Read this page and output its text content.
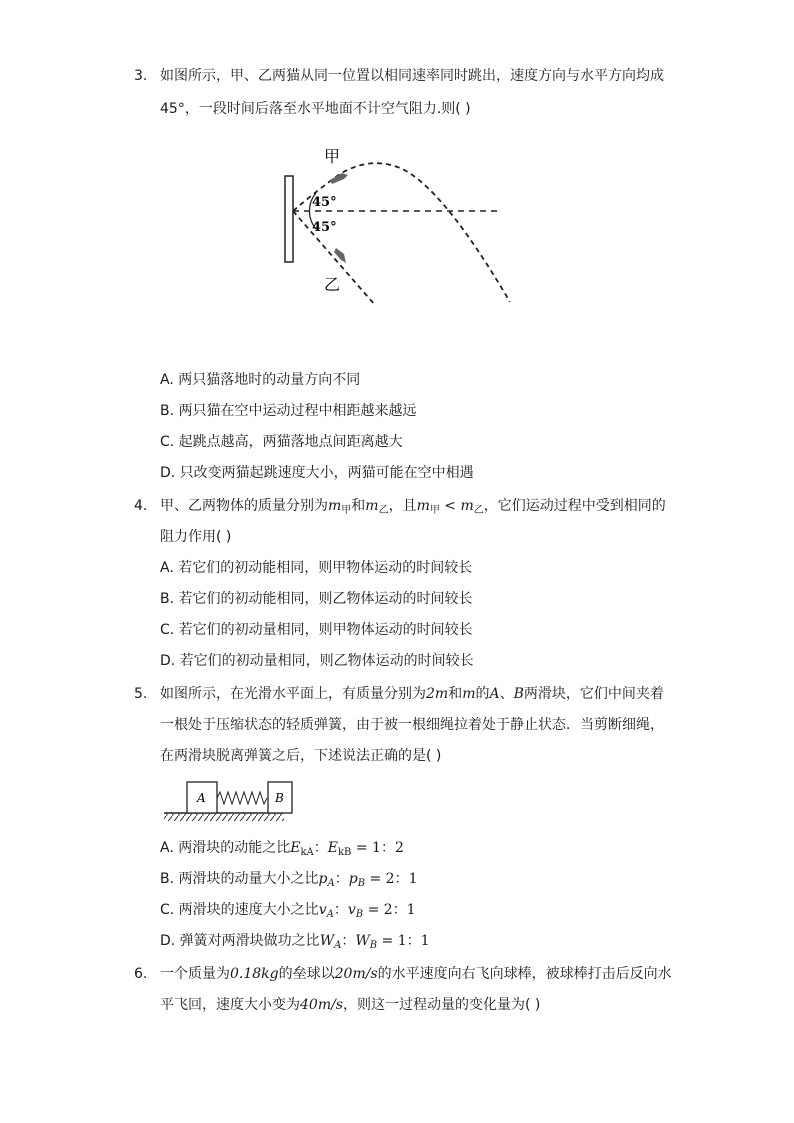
3. 如图所示，甲、乙两猫从同一位置以相同速率同时跳出，速度方向与水平方向均成
45°，一段时间后落至水平地面不计空气阻力.则( )
甲
乙
45°
45°
A. 两只猫落地时的动量方向不同
B. 两只猫在空中运动过程中相距越来越远
C. 起跳点越高，两猫落地点间距离越大
D. 只改变两猫起跳速度大小，两猫可能在空中相遇
4. 甲、乙两物体的质量分别为$m_甲$和$m_乙$，且$m_甲 < m_乙$，它们运动过程中受到相同的
阻力作用( )
A. 若它们的初动能相同，则甲物体运动的时间较长
B. 若它们的初动能相同，则乙物体运动的时间较长
C. 若它们的初动量相同，则甲物体运动的时间较长
D. 若它们的初动量相同，则乙物体运动的时间较长
5. 如图所示，在光滑水平面上，有质量分别为2m和m的A、B两滑块，它们中间夹着
一根处于压缩状态的轻质弹簧，由于被一根细绳拉着处于静止状态．当剪断细绳，
在两滑块脱离弹簧之后，下述说法正确的是( )
A	B
A. 两滑块的动能之比$E_{kA}$：$E_{kB} = 1$：2
B. 两滑块的动量大小之比$p_A$：$p_B = 2$：1
C. 两滑块的速度大小之比$v_A$：$v_B = 2$：1
D. 弹簧对两滑块做功之比$W_A$：$W_B = 1$：1
6. 一个质量为0.18kg的垒球以20m/s的水平速度向右飞向球棒，被球棒打击后反向水
平飞回，速度大小变为40m/s，则这一过程动量的变化量为( )
